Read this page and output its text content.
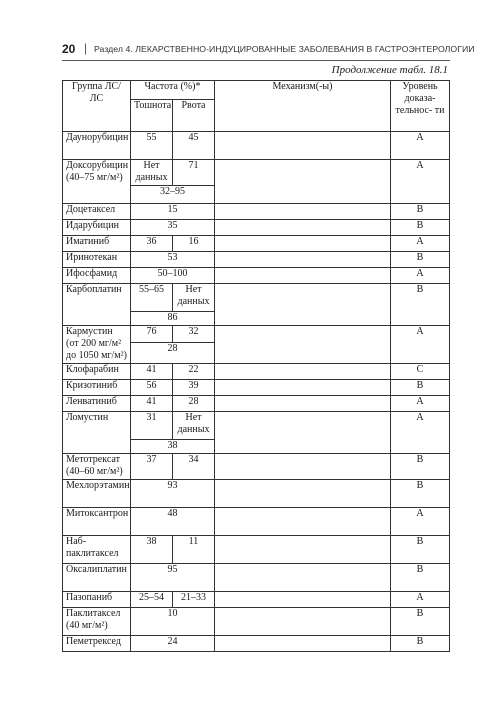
20 | Раздел 4. ЛЕКАРСТВЕННО-ИНДУЦИРОВАННЫЕ ЗАБОЛЕВАНИЯ В ГАСТРОЭНТЕРОЛОГИИ
Продолжение табл. 18.1
Группа ЛС/ ЛС	Частота (%)*		Механизм(-ы)	Уровень доказа- тельнос- ти
	Тошнота	Рвота		
Даунорубицин	55	45		A
Доксорубицин (40–75 мг/м²)	Нет данных	71		A
	32–95			
Доцетаксел	15			B
Идарубицин	35			B
Иматиниб	36	16		A
Иринотекан	53			B
Ифосфамид	50–100			A
Карбоплатин	55–65	Нет данных		B
	86			
Кармустин (от 200 мг/м² до 1050 мг/м²)	76	32		A
	28			
Клофарабин	41	22		C
Кризотиниб	56	39		B
Ленватиниб	41	28		A
Ломустин	31	Нет данных		A
	38			
Метотрексат (40–60 мг/м²)	37	34		B
Мехлорэтамин	93			B
Митоксантрон	48			A
Наб-паклитаксел	38	11		B
Оксалиплатин	95			B
Пазопаниб	25–54	21–33		A
Паклитаксел (40 мг/м²)	10			B
Пеметрексед	24			B
